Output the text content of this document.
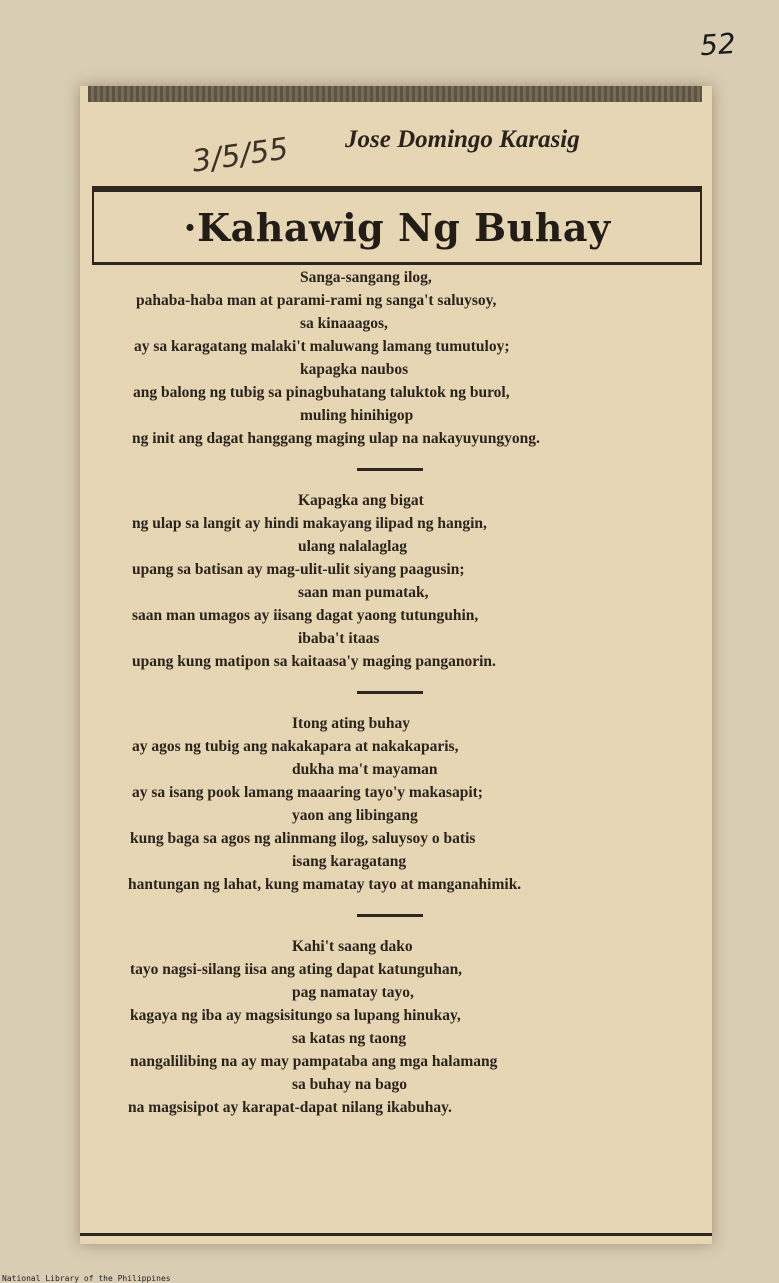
52
3/5/55 Jose Domingo Karasig
·Kahawig Ng Buhay
Sanga-sangang ilog,
pahaba-haba man at parami-rami ng sanga't saluysoy,
sa kinaaagos,
ay sa karagatang malaki't maluwang lamang tumutuloy;
kapagka naubos
ang balong ng tubig sa pinagbuhatang taluktok ng burol,
muling hinihigop
ng init ang dagat hanggang maging ulap na nakayuyungyong.
Kapagka ang bigat
ng ulap sa langit ay hindi makayang ilipad ng hangin,
ulang nalalaglag
upang sa batisan ay mag-ulit-ulit siyang paagusin;
saan man pumatak,
saan man umagos ay iisang dagat yaong tutunguhin,
ibaba't itaas
upang kung matipon sa kaitaasa'y maging panganorin.
Itong ating buhay
ay agos ng tubig ang nakakapara at nakakaparis,
dukha ma't mayaman
ay sa isang pook lamang maaaring tayo'y makasapit;
yaon ang libingang
kung baga sa agos ng alinmang ilog, saluysoy o batis
isang karagatang
hantungan ng lahat, kung mamatay tayo at manganahimik.
Kahi't saang dako
tayo nagsi-silang iisa ang ating dapat katunguhan,
pag namatay tayo,
kagaya ng iba ay magsisitungo sa lupang hinukay,
sa katas ng taong
nangalilibing na ay may pampataba ang mga halamang
sa buhay na bago
na magsisipot ay karapat-dapat nilang ikabuhay.
National Library of the Philippines
